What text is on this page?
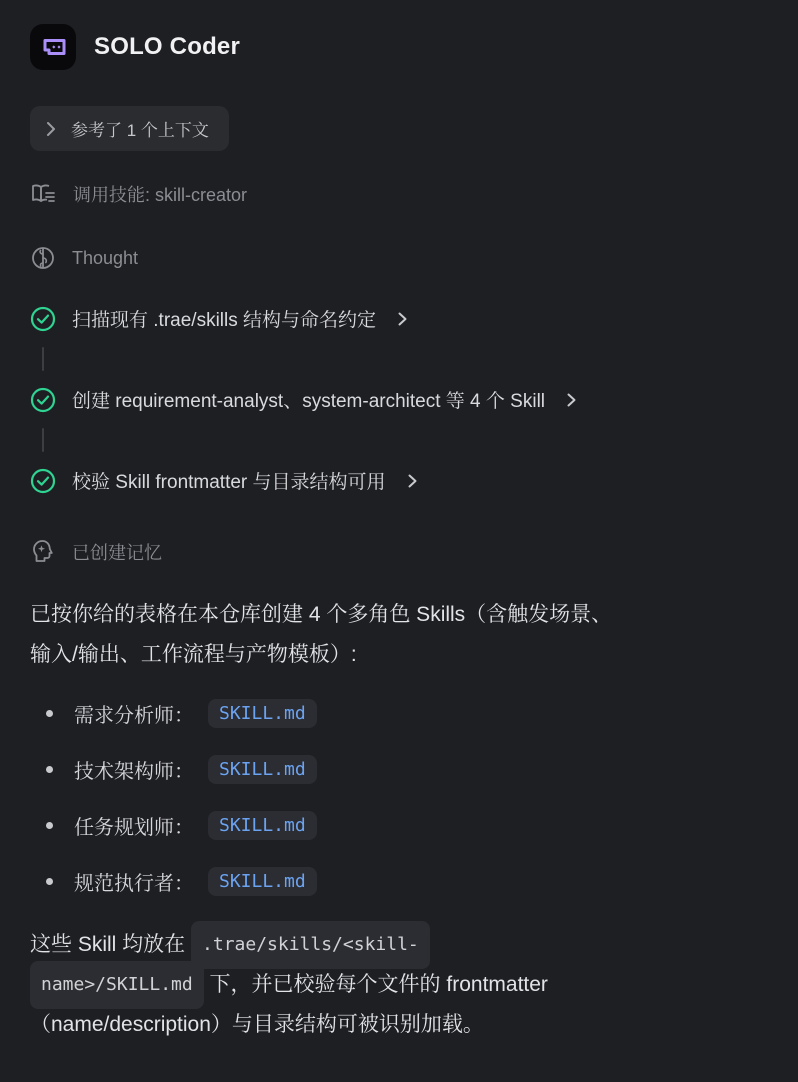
SOLO Coder
参考了 1 个上下文
调用技能: skill-creator
Thought
扫描现有 .trae/skills 结构与命名约定
创建 requirement-analyst、system-architect 等 4 个 Skill
校验 Skill frontmatter 与目录结构可用
已创建记忆
已按你给的表格在本仓库创建 4 个多角色 Skills（含触发场景、
输入/输出、工作流程与产物模板）:
需求分析师：	SKILL.md
技术架构师：	SKILL.md
任务规划师：	SKILL.md
规范执行者：	SKILL.md
这些 Skill 均放在 .trae/skills/<skill-
name>/SKILL.md 下，并已校验每个文件的 frontmatter
（name/description）与目录结构可被识别加载。
